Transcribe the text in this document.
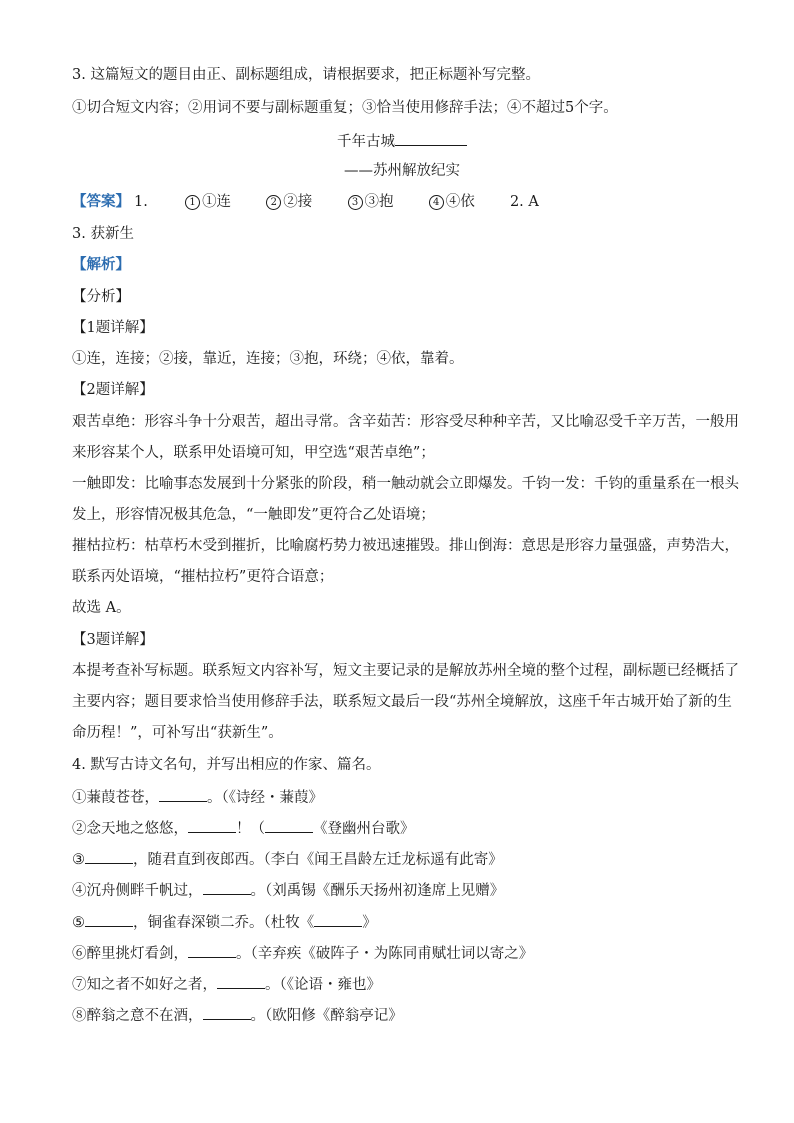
3. 这篇短文的题目由正、副标题组成，请根据要求，把正标题补写完整。
①切合短文内容；②用词不要与副标题重复；③恰当使用修辞手法；④不超过5个字。
千年古城
——苏州解放纪实
【答案】 1.	1 ①连	2 ②接	3 ③抱	4 ④依 2. A
3. 获新生
【解析】
【分析】
【1题详解】
①连，连接；②接，靠近，连接；③抱，环绕；④依，靠着。
【2题详解】
艰苦卓绝：形容斗争十分艰苦，超出寻常。含辛茹苦：形容受尽种种辛苦，又比喻忍受千辛万苦，一般用
来形容某个人，联系甲处语境可知，甲空选“艰苦卓绝”；
一触即发：比喻事态发展到十分紧张的阶段，稍一触动就会立即爆发。千钧一发：千钧的重量系在一根头
发上，形容情况极其危急，“一触即发”更符合乙处语境；
摧枯拉朽：枯草朽木受到摧折，比喻腐朽势力被迅速摧毁。排山倒海：意思是形容力量强盛，声势浩大，
联系丙处语境，“摧枯拉朽”更符合语意；
故选 A。
【3题详解】
本提考查补写标题。联系短文内容补写，短文主要记录的是解放苏州全境的整个过程，副标题已经概括了
主要内容；题目要求恰当使用修辞手法，联系短文最后一段“苏州全境解放，这座千年古城开始了新的生
命历程！”，可补写出“获新生”。
4. 默写古诗文名句，并写出相应的作家、篇名。
①蒹葭苍苍，	。（《诗经・蒹葭》
②念天地之悠悠，	！（	《登幽州台歌》
③	，随君直到夜郎西。（李白《闻王昌龄左迁龙标遥有此寄》
④沉舟侧畔千帆过，	。（刘禹锡《酬乐天扬州初逢席上见赠》
⑤	，铜雀春深锁二乔。（杜牧《	》
⑥醉里挑灯看剑，	。（辛弃疾《破阵子・为陈同甫赋壮词以寄之》
⑦知之者不如好之者，	。（《论语・雍也》
⑧醉翁之意不在酒，	。（欧阳修《醉翁亭记》
